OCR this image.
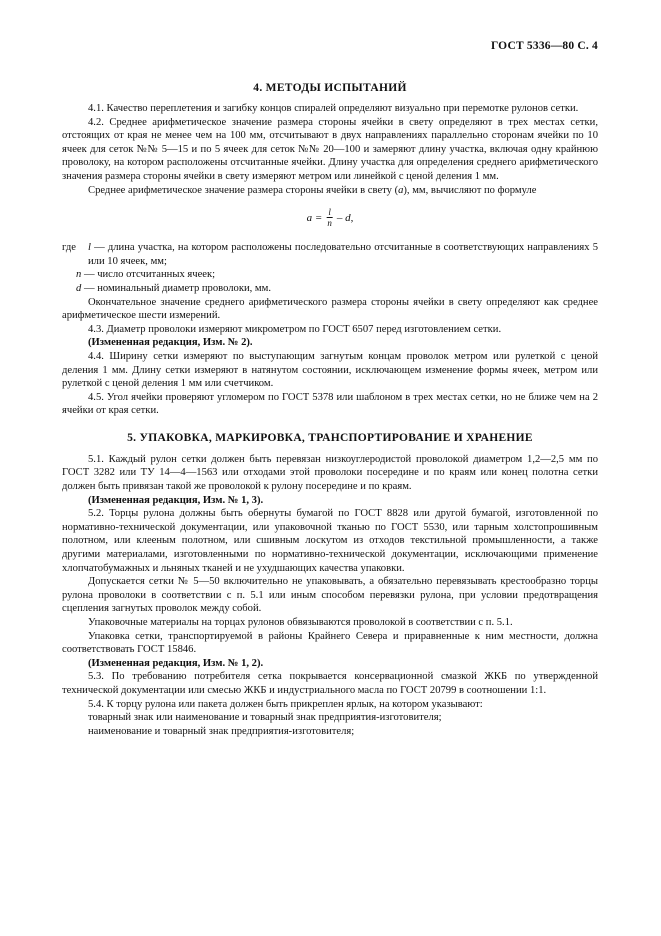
ГОСТ 5336—80 С. 4
4. МЕТОДЫ ИСПЫТАНИЙ

4.1. Качество переплетения и загибку концов спиралей определяют визуально при перемотке рулонов сетки.

4.2. Среднее арифметическое значение размера стороны ячейки в свету определяют в трех местах сетки, отстоящих от края не менее чем на 100 мм, отсчитывают в двух направлениях параллельно сторонам ячейки по 10 ячеек для сеток №№ 5—15 и по 5 ячеек для сеток №№ 20—100 и замеряют длину участка, включая одну крайнюю проволоку, на котором расположены отсчитанные ячейки. Длину участка для определения среднего арифметического значения размера стороны ячейки в свету измеряют метром или линейкой с ценой деления 1 мм.

Среднее арифметическое значение размера стороны ячейки в свету (a), мм, вычисляют по формуле

$a = \frac{l}{n} - d$,
где	l — длина участка, на котором расположены последовательно отсчитанные в соответствующих направлениях 5 или 10 ячеек, мм;
n — число отсчитанных ячеек;
d — номинальный диаметр проволоки, мм.

Окончательное значение среднего арифметического размера стороны ячейки в свету определяют как среднее арифметическое шести измерений.

4.3. Диаметр проволоки измеряют микрометром по ГОСТ 6507 перед изготовлением сетки.

(Измененная редакция, Изм. № 2).

4.4. Ширину сетки измеряют по выступающим загнутым концам проволок метром или рулеткой с ценой деления 1 мм. Длину сетки измеряют в натянутом состоянии, исключающем изменение формы ячеек, метром или рулеткой с ценой деления 1 мм или счетчиком.

4.5. Угол ячейки проверяют угломером по ГОСТ 5378 или шаблоном в трех местах сетки, но не ближе чем на 2 ячейки от края сетки.

5. УПАКОВКА, МАРКИРОВКА, ТРАНСПОРТИРОВАНИЕ И ХРАНЕНИЕ

5.1. Каждый рулон сетки должен быть перевязан низкоуглеродистой проволокой диаметром 1,2—2,5 мм по ГОСТ 3282 или ТУ 14—4—1563 или отходами этой проволоки посередине и по краям или конец полотна сетки должен быть привязан такой же проволокой к рулону посередине и по краям.

(Измененная редакция, Изм. № 1, 3).

5.2. Торцы рулона должны быть обернуты бумагой по ГОСТ 8828 или другой бумагой, изготовленной по нормативно-технической документации, или упаковочной тканью по ГОСТ 5530, или тарным холстопрошивным полотном, или клееным полотном, или сшивным лоскутом из отходов текстильной промышленности, а также другими материалами, изготовленными по нормативно-технической документации, исключающими применение хлопчатобумажных и льняных тканей и не ухудшающих качества упаковки.

Допускается сетки № 5—50 включительно не упаковывать, а обязательно перевязывать крестообразно торцы рулона проволоки в соответствии с п. 5.1 или иным способом перевязки рулона, при условии предотвращения сцепления загнутых проволок между собой.

Упаковочные материалы на торцах рулонов обвязываются проволокой в соответствии с п. 5.1.

Упаковка сетки, транспортируемой в районы Крайнего Севера и приравненные к ним местности, должна соответствовать ГОСТ 15846.

(Измененная редакция, Изм. № 1, 2).

5.3. По требованию потребителя сетка покрывается консервационной смазкой ЖКБ по утвержденной технической документации или смесью ЖКБ и индустриального масла по ГОСТ 20799 в соотношении 1:1.

5.4. К торцу рулона или пакета должен быть прикреплен ярлык, на котором указывают:

товарный знак или наименование и товарный знак предприятия-изготовителя;

наименование и товарный знак предприятия-изготовителя;
